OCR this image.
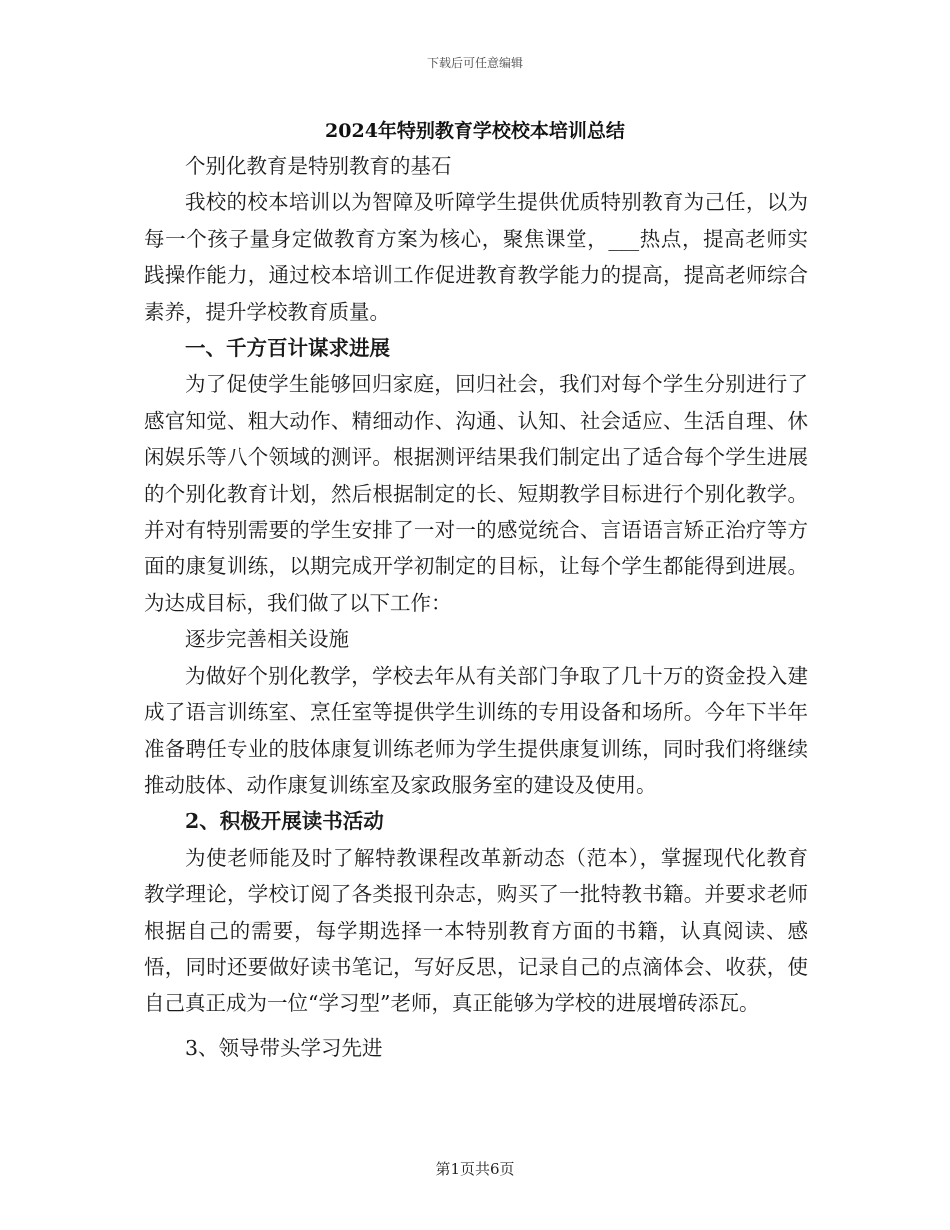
下载后可任意编辑
2024年特别教育学校校本培训总结

个别化教育是特别教育的基石

我校的校本培训以为智障及听障学生提供优质特别教育为己任，以为每一个孩子量身定做教育方案为核心，聚焦课堂，___热点，提高老师实践操作能力，通过校本培训工作促进教育教学能力的提高，提高老师综合素养，提升学校教育质量。

一、千方百计谋求进展

为了促使学生能够回归家庭，回归社会，我们对每个学生分别进行了感官知觉、粗大动作、精细动作、沟通、认知、社会适应、生活自理、休闲娱乐等八个领域的测评。根据测评结果我们制定出了适合每个学生进展的个别化教育计划，然后根据制定的长、短期教学目标进行个别化教学。并对有特别需要的学生安排了一对一的感觉统合、言语语言矫正治疗等方面的康复训练，以期完成开学初制定的目标，让每个学生都能得到进展。为达成目标，我们做了以下工作：

逐步完善相关设施

为做好个别化教学，学校去年从有关部门争取了几十万的资金投入建成了语言训练室、烹任室等提供学生训练的专用设备和场所。今年下半年准备聘任专业的肢体康复训练老师为学生提供康复训练，同时我们将继续推动肢体、动作康复训练室及家政服务室的建设及使用。

2、积极开展读书活动

为使老师能及时了解特教课程改革新动态（范本），掌握现代化教育教学理论，学校订阅了各类报刊杂志，购买了一批特教书籍。并要求老师根据自己的需要，每学期选择一本特别教育方面的书籍，认真阅读、感悟，同时还要做好读书笔记，写好反思，记录自己的点滴体会、收获，使自己真正成为一位“学习型”老师，真正能够为学校的进展增砖添瓦。

3、领导带头学习先进

第1页共6页
